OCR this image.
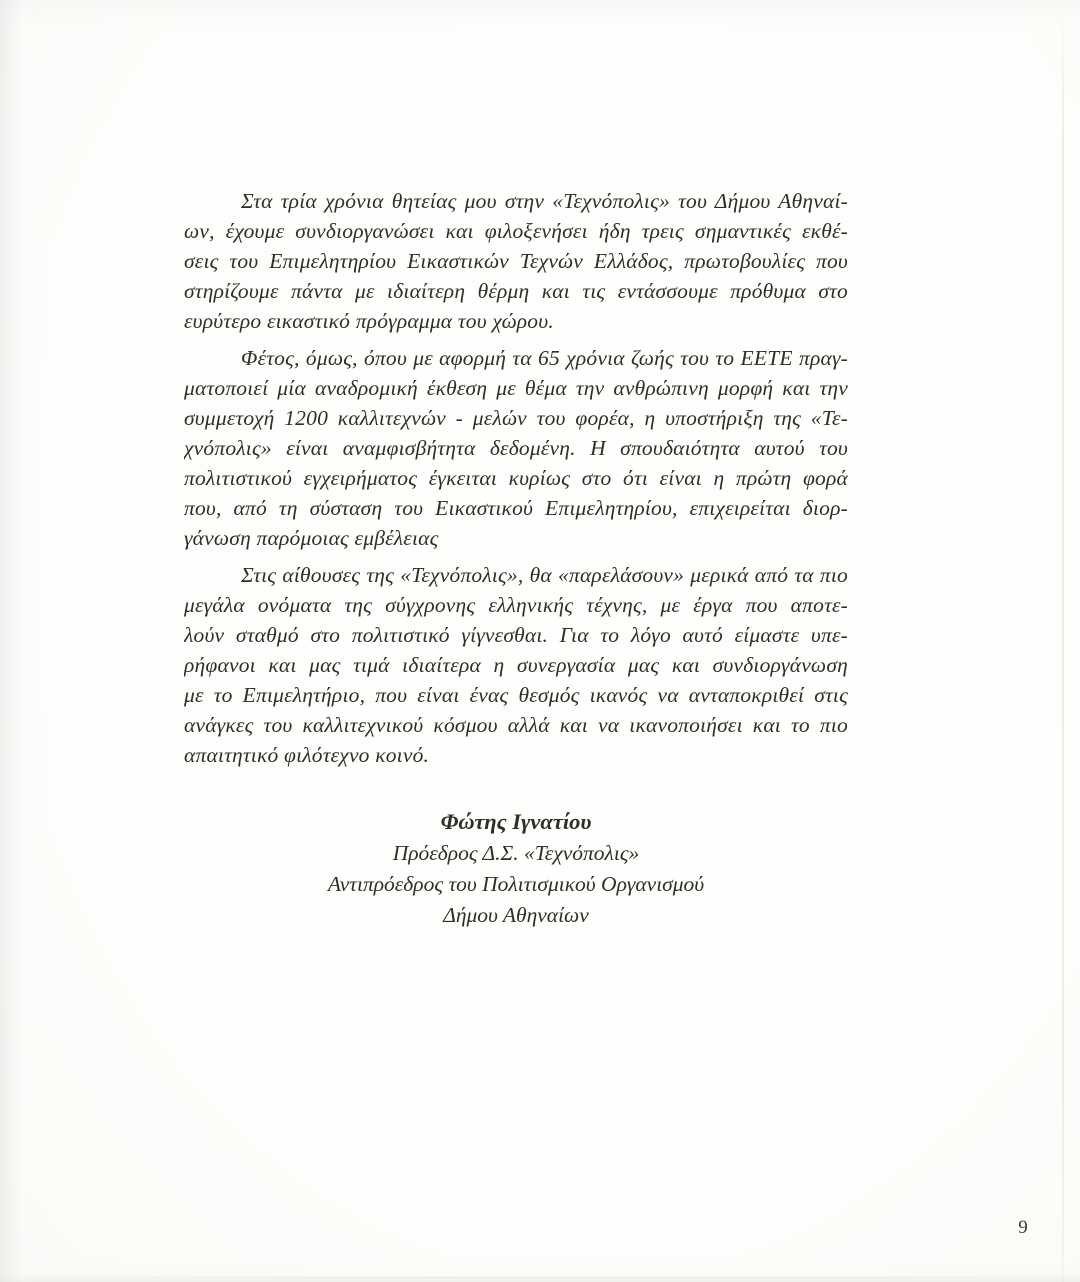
Στα τρία χρόνια θητείας μου στην «Τεχνόπολις» του Δήμου Αθηναί-
ων, έχουμε συνδιοργανώσει και φιλοξενήσει ήδη τρεις σημαντικές εκθέ-
σεις του Επιμελητηρίου Εικαστικών Τεχνών Ελλάδος, πρωτοβουλίες που
στηρίζουμε πάντα με ιδιαίτερη θέρμη και τις εντάσσουμε πρόθυμα στο
ευρύτερο εικαστικό πρόγραμμα του χώρου.
Φέτος, όμως, όπου με αφορμή τα 65 χρόνια ζωής του το ΕΕΤΕ πραγ-
ματοποιεί μία αναδρομική έκθεση με θέμα την ανθρώπινη μορφή και την
συμμετοχή 1200 καλλιτεχνών - μελών του φορέα, η υποστήριξη της «Τε-
χνόπολις» είναι αναμφισβήτητα δεδομένη. Η σπουδαιότητα αυτού του
πολιτιστικού εγχειρήματος έγκειται κυρίως στο ότι είναι η πρώτη φορά
που, από τη σύσταση του Εικαστικού Επιμελητηρίου, επιχειρείται διορ-
γάνωση παρόμοιας εμβέλειας
Στις αίθουσες της «Τεχνόπολις», θα «παρελάσουν» μερικά από τα πιο
μεγάλα ονόματα της σύγχρονης ελληνικής τέχνης, με έργα που αποτε-
λούν σταθμό στο πολιτιστικό γίγνεσθαι. Για το λόγο αυτό είμαστε υπε-
ρήφανοι και μας τιμά ιδιαίτερα η συνεργασία μας και συνδιοργάνωση
με το Επιμελητήριο, που είναι ένας θεσμός ικανός να ανταποκριθεί στις
ανάγκες του καλλιτεχνικού κόσμου αλλά και να ικανοποιήσει και το πιο
απαιτητικό φιλότεχνο κοινό.
Φώτης Ιγνατίου
Πρόεδρος Δ.Σ. «Τεχνόπολις»
Αντιπρόεδρος του Πολιτισμικού Οργανισμού
Δήμου Αθηναίων
9
